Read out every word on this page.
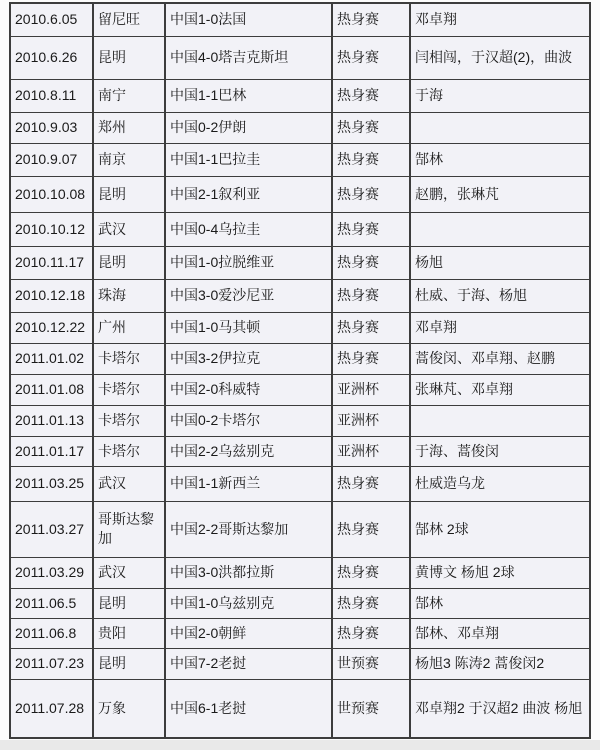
2010.6.05	留尼旺	中国1-0法国	热身赛	邓卓翔
2010.6.26	昆明	中国4-0塔吉克斯坦	热身赛	闫相闯，于汉超(2)，曲波
2010.8.11	南宁	中国1-1巴林	热身赛	于海
2010.9.03	郑州	中国0-2伊朗	热身赛	
2010.9.07	南京	中国1-1巴拉圭	热身赛	郜林
2010.10.08	昆明	中国2-1叙利亚	热身赛	赵鹏，张琳芃
2010.10.12	武汉	中国0-4乌拉圭	热身赛	
2010.11.17	昆明	中国1-0拉脱维亚	热身赛	杨旭
2010.12.18	珠海	中国3-0爱沙尼亚	热身赛	杜威、于海、杨旭
2010.12.22	广州	中国1-0马其顿	热身赛	邓卓翔
2011.01.02	卡塔尔	中国3-2伊拉克	热身赛	蒿俊闵、邓卓翔、赵鹏
2011.01.08	卡塔尔	中国2-0科威特	亚洲杯	张琳芃、邓卓翔
2011.01.13	卡塔尔	中国0-2卡塔尔	亚洲杯	
2011.01.17	卡塔尔	中国2-2乌兹别克	亚洲杯	于海、蒿俊闵
2011.03.25	武汉	中国1-1新西兰	热身赛	杜威造乌龙
2011.03.27	哥斯达黎加	中国2-2哥斯达黎加	热身赛	郜林 2球
2011.03.29	武汉	中国3-0洪都拉斯	热身赛	黄博文 杨旭 2球
2011.06.5	昆明	中国1-0乌兹别克	热身赛	郜林
2011.06.8	贵阳	中国2-0朝鲜	热身赛	郜林、邓卓翔
2011.07.23	昆明	中国7-2老挝	世预赛	杨旭3 陈涛2 蒿俊闵2
2011.07.28	万象	中国6-1老挝	世预赛	邓卓翔2 于汉超2 曲波 杨旭
